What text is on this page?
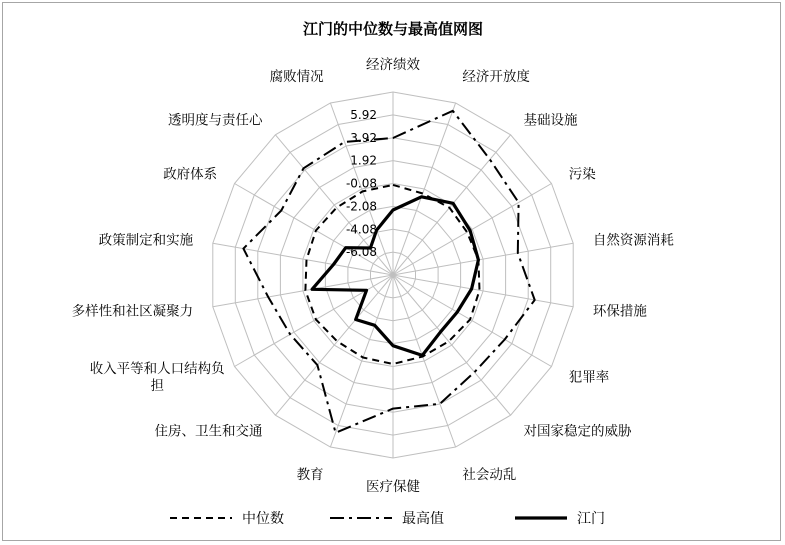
江门的中位数与最高值网图
-6.08
-4.08
-2.08
-0.08
1.92
3.92
5.92
经济绩效
经济开放度
基础设施
污染
自然资源消耗
环保措施
犯罪率
对国家稳定的威胁
社会动乱
医疗保健
教育
住房、卫生和交通
收入平等和人口结构负担
多样性和社区凝聚力
政策制定和实施
政府体系
透明度与责任心
腐败情况
中位数	最高值	江门
